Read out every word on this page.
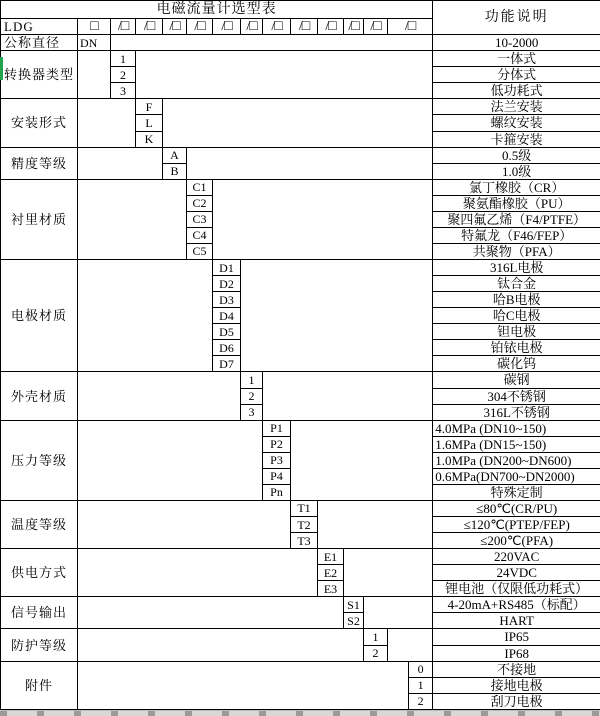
电磁流量计选型表															功能说明
LDG	□	/□	/□	/□	/□	/□	/□	/□	/□	/□	/□	/□	/□		
公称直径	DN														10-2000
转换器类型		1													一体式
		2													分体式
		3													低功耗式
安装形式			F												法兰安装
			L												螺纹安装
			K												卡箍安装
精度等级				A											0.5级
				B											1.0级
衬里材质					C1										氯丁橡胶（CR）
					C2										聚氨酯橡胶（PU）
					C3										聚四氟乙烯（F4/PTFE）
					C4										特氟龙（F46/FEP）
					C5										共聚物（PFA）
电极材质						D1									316L电极
						D2									钛合金
						D3									哈B电极
						D4									哈C电极
						D5									钽电极
						D6									铂铱电极
						D7									碳化钨
外壳材质							1								碳钢
							2								304不锈钢
							3								316L不锈钢
压力等级								P1							4.0MPa (DN10~150)
								P2							1.6MPa (DN15~150)
								P3							1.0MPa (DN200~DN600)
								P4							0.6MPa(DN700~DN2000)
								Pn							特殊定制
温度等级									T1						≤80℃(CR/PU)
									T2						≤120℃(PTEP/FEP)
									T3						≤200℃(PFA)
供电方式										E1					220VAC
										E2					24VDC
										E3					锂电池（仅限低功耗式）
信号输出											S1				4-20mA+RS485（标配）
											S2				HART
防护等级												1			IP65
												2			IP68
附件														0	不接地
														1	接地电极
														2	刮刀电极
